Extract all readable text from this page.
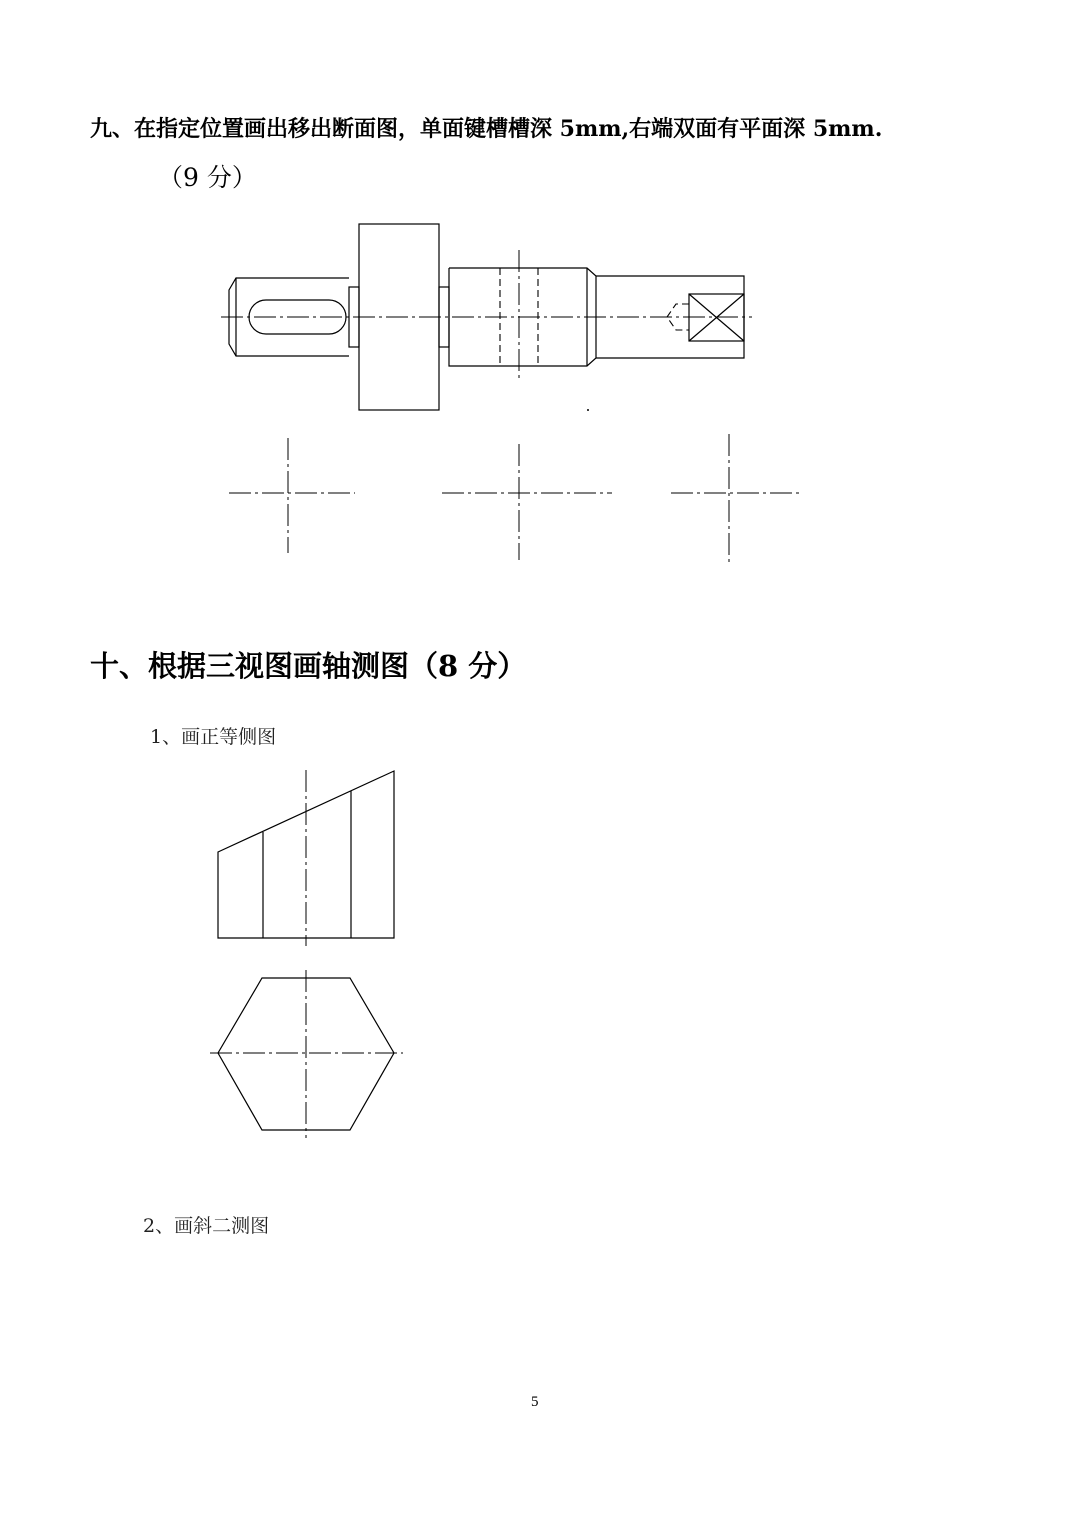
九、在指定位置画出移出断面图，单面键槽槽深 5mm,右端双面有平面深 5mm.
（9 分）
十、根据三视图画轴测图（8 分）
1、画正等侧图
2、画斜二测图
5
